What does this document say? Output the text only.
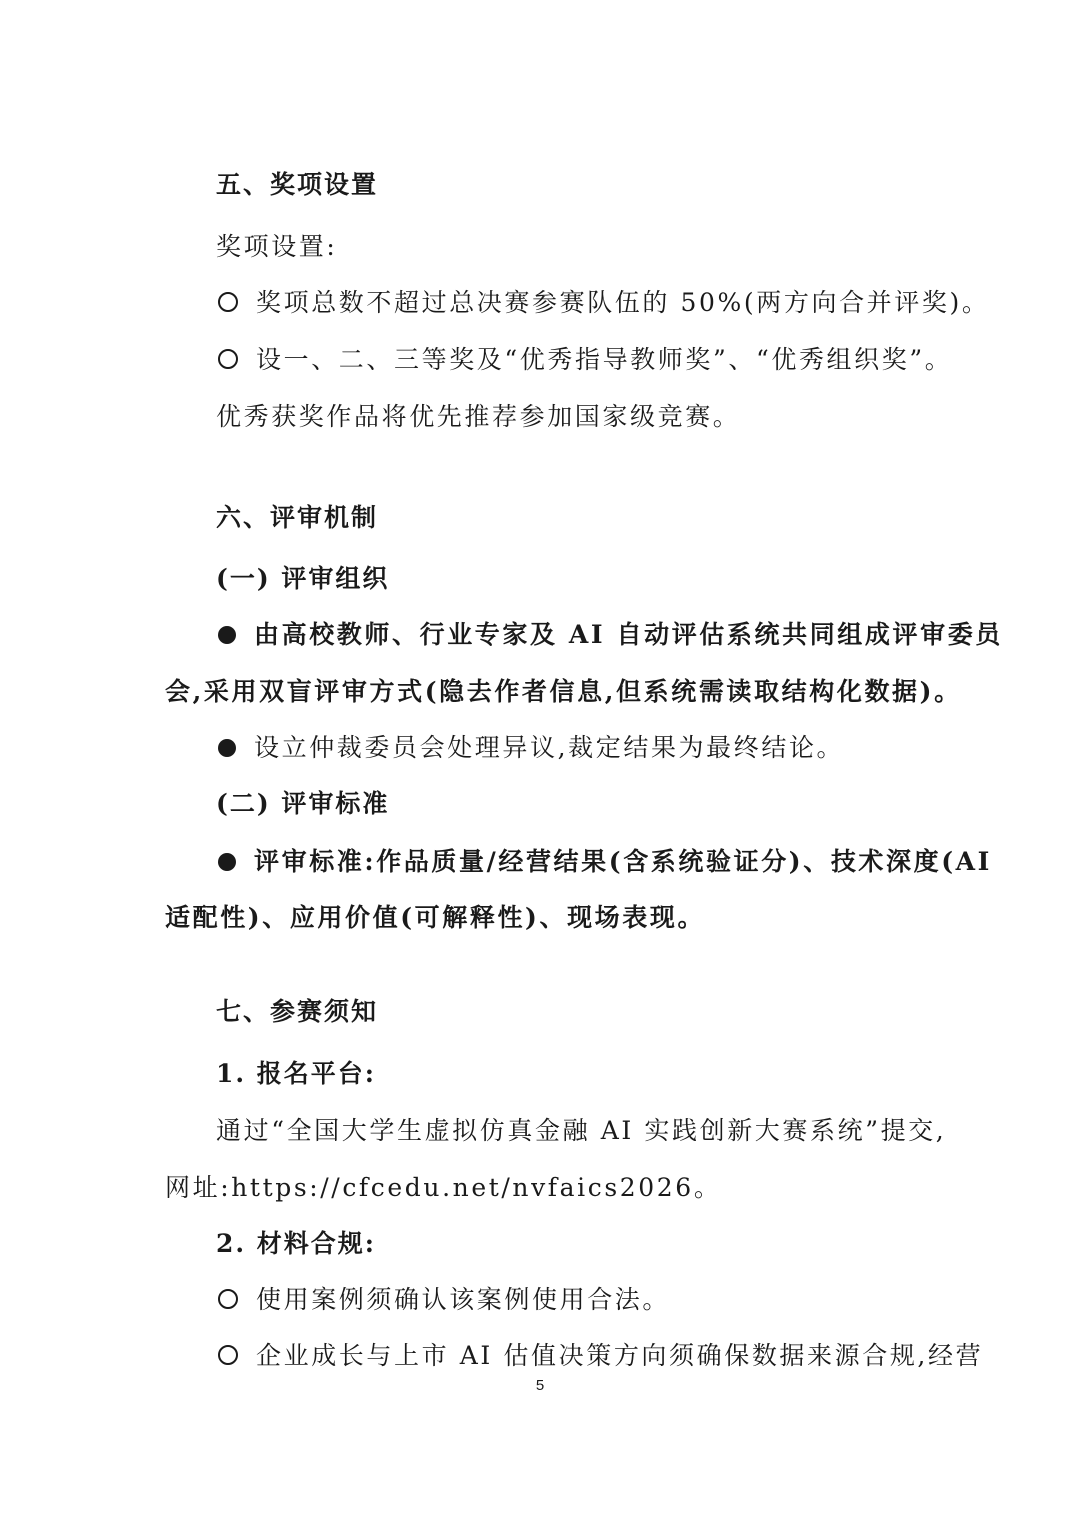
五、奖项设置
奖项设置:
奖项总数不超过总决赛参赛队伍的 50%(两方向合并评奖)。
设一、二、三等奖及“优秀指导教师奖”、“优秀组织奖”。
优秀获奖作品将优先推荐参加国家级竞赛。
六、评审机制
(一) 评审组织
由高校教师、行业专家及 AI 自动评估系统共同组成评审委员
会,采用双盲评审方式(隐去作者信息,但系统需读取结构化数据)。
设立仲裁委员会处理异议,裁定结果为最终结论。
(二) 评审标准
评审标准:作品质量/经营结果(含系统验证分)、技术深度(AI
适配性)、应用价值(可解释性)、现场表现。
七、参赛须知
1. 报名平台:
通过“全国大学生虚拟仿真金融 AI 实践创新大赛系统”提交,
网址:https://cfcedu.net/nvfaics2026。
2. 材料合规:
使用案例须确认该案例使用合法。
企业成长与上市 AI 估值决策方向须确保数据来源合规,经营
5
